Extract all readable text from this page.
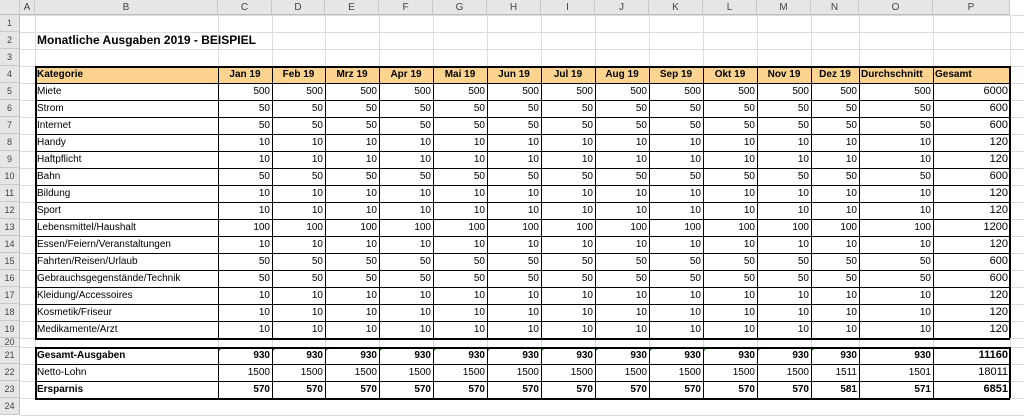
A	B	C	D	E	F	G	H	I	J	K	L	M	N	O	P
1
2
3
4
5
6
7
8
9
10
11
12
13
14
15
16
17
18
19
20
21
22
23
24
Monatliche Ausgaben 2019 - BEISPIEL
Kategorie	Jan 19	Feb 19	Mrz 19	Apr 19	Mai 19	Jun 19	Jul 19	Aug 19	Sep 19	Okt 19	Nov 19	Dez 19	Durchschnitt	Gesamt
Miete	500	500	500	500	500	500	500	500	500	500	500	500	500	6000
Strom	50	50	50	50	50	50	50	50	50	50	50	50	50	600
Internet	50	50	50	50	50	50	50	50	50	50	50	50	50	600
Handy	10	10	10	10	10	10	10	10	10	10	10	10	10	120
Haftpflicht	10	10	10	10	10	10	10	10	10	10	10	10	10	120
Bahn	50	50	50	50	50	50	50	50	50	50	50	50	50	600
Bildung	10	10	10	10	10	10	10	10	10	10	10	10	10	120
Sport	10	10	10	10	10	10	10	10	10	10	10	10	10	120
Lebensmittel/Haushalt	100	100	100	100	100	100	100	100	100	100	100	100	100	1200
Essen/Feiern/Veranstaltungen	10	10	10	10	10	10	10	10	10	10	10	10	10	120
Fahrten/Reisen/Urlaub	50	50	50	50	50	50	50	50	50	50	50	50	50	600
Gebrauchsgegenstände/Technik	50	50	50	50	50	50	50	50	50	50	50	50	50	600
Kleidung/Accessoires	10	10	10	10	10	10	10	10	10	10	10	10	10	120
Kosmetik/Friseur	10	10	10	10	10	10	10	10	10	10	10	10	10	120
Medikamente/Arzt	10	10	10	10	10	10	10	10	10	10	10	10	10	120
Gesamt-Ausgaben	930	930	930	930	930	930	930	930	930	930	930	930	930	11160
Netto-Lohn	1500	1500	1500	1500	1500	1500	1500	1500	1500	1500	1500	1511	1501	18011
Ersparnis	570	570	570	570	570	570	570	570	570	570	570	581	571	6851
